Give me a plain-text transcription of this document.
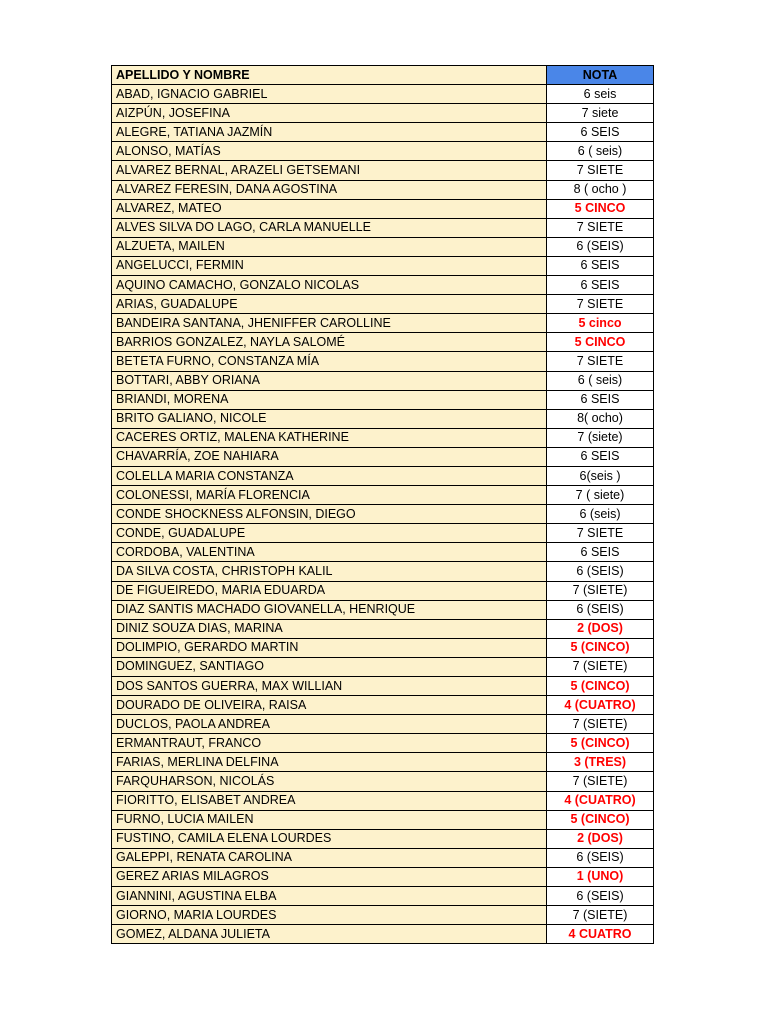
APELLIDO Y NOMBRE	NOTA
ABAD, IGNACIO GABRIEL	6 seis
AIZPÚN, JOSEFINA	7 siete
ALEGRE, TATIANA JAZMÍN	6 SEIS
ALONSO, MATÍAS	6 ( seis)
ALVAREZ BERNAL, ARAZELI GETSEMANI	7 SIETE
ALVAREZ FERESIN, DANA AGOSTINA	8 ( ocho )
ALVAREZ, MATEO	5 CINCO
ALVES SILVA DO LAGO, CARLA MANUELLE	7 SIETE
ALZUETA, MAILEN	6 (SEIS)
ANGELUCCI, FERMIN	6 SEIS
AQUINO CAMACHO, GONZALO NICOLAS	6 SEIS
ARIAS, GUADALUPE	7 SIETE
BANDEIRA SANTANA, JHENIFFER CAROLLINE	5 cinco
BARRIOS GONZALEZ, NAYLA SALOMÉ	5 CINCO
BETETA FURNO, CONSTANZA MÍA	7 SIETE
BOTTARI, ABBY ORIANA	6 ( seis)
BRIANDI, MORENA	6 SEIS
BRITO GALIANO, NICOLE	8( ocho)
CACERES ORTIZ, MALENA KATHERINE	7 (siete)
CHAVARRÍA, ZOE NAHIARA	6 SEIS
COLELLA MARIA CONSTANZA	6(seis )
COLONESSI, MARÍA FLORENCIA	7 ( siete)
CONDE SHOCKNESS ALFONSIN, DIEGO	6 (seis)
CONDE, GUADALUPE	7 SIETE
CORDOBA, VALENTINA	6 SEIS
DA SILVA COSTA, CHRISTOPH KALIL	6 (SEIS)
DE FIGUEIREDO, MARIA EDUARDA	7 (SIETE)
DIAZ SANTIS MACHADO GIOVANELLA, HENRIQUE	6 (SEIS)
DINIZ SOUZA DIAS, MARINA	2 (DOS)
DOLIMPIO, GERARDO MARTIN	5 (CINCO)
DOMINGUEZ, SANTIAGO	7 (SIETE)
DOS SANTOS GUERRA, MAX WILLIAN	5 (CINCO)
DOURADO DE OLIVEIRA, RAISA	4 (CUATRO)
DUCLOS, PAOLA ANDREA	7 (SIETE)
ERMANTRAUT, FRANCO	5 (CINCO)
FARIAS, MERLINA DELFINA	3 (TRES)
FARQUHARSON, NICOLÁS	7 (SIETE)
FIORITTO, ELISABET ANDREA	4 (CUATRO)
FURNO, LUCIA MAILEN	5 (CINCO)
FUSTINO, CAMILA ELENA LOURDES	2 (DOS)
GALEPPI, RENATA CAROLINA	6 (SEIS)
GEREZ ARIAS MILAGROS	1 (UNO)
GIANNINI, AGUSTINA ELBA	6 (SEIS)
GIORNO, MARIA LOURDES	7 (SIETE)
GOMEZ, ALDANA JULIETA	4 CUATRO
